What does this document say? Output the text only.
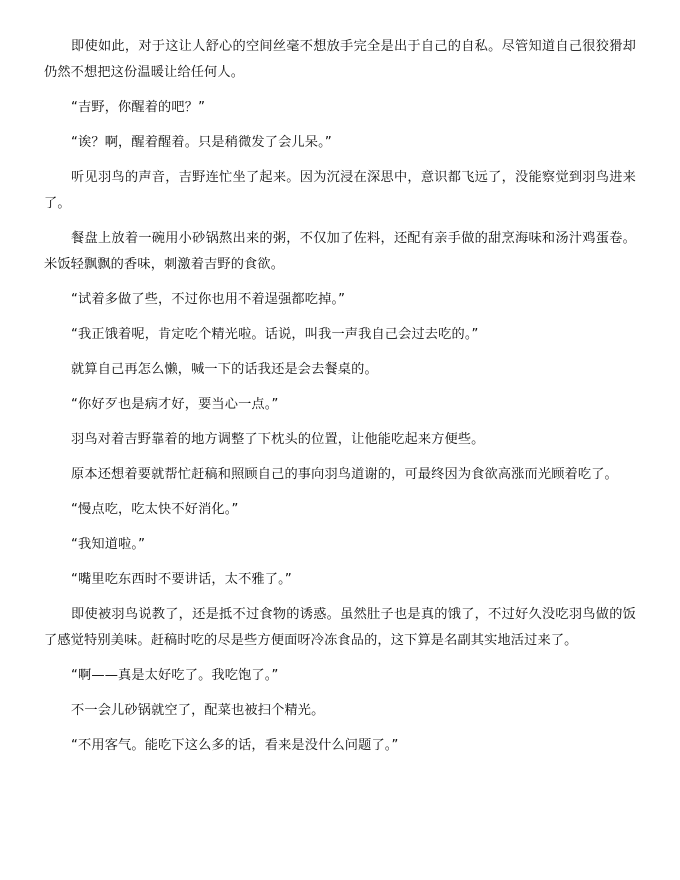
即使如此，对于这让人舒心的空间丝毫不想放手完全是出于自己的自私。尽管知道自己很狡猾却仍然不想把这份温暖让给任何人。

“吉野，你醒着的吧？”

“诶？啊，醒着醒着。只是稍微发了会儿呆。”

听见羽鸟的声音，吉野连忙坐了起来。因为沉浸在深思中，意识都飞远了，没能察觉到羽鸟进来了。

餐盘上放着一碗用小砂锅熬出来的粥，不仅加了佐料，还配有亲手做的甜烹海味和汤汁鸡蛋卷。米饭轻飘飘的香味，刺激着吉野的食欲。

“试着多做了些，不过你也用不着逞强都吃掉。”

“我正饿着呢，肯定吃个精光啦。话说，叫我一声我自己会过去吃的。”

就算自己再怎么懒，喊一下的话我还是会去餐桌的。

“你好歹也是病才好，要当心一点。”

羽鸟对着吉野靠着的地方调整了下枕头的位置，让他能吃起来方便些。

原本还想着要就帮忙赶稿和照顾自己的事向羽鸟道谢的，可最终因为食欲高涨而光顾着吃了。

“慢点吃，吃太快不好消化。”

“我知道啦。”

“嘴里吃东西时不要讲话，太不雅了。”

即使被羽鸟说教了，还是抵不过食物的诱惑。虽然肚子也是真的饿了，不过好久没吃羽鸟做的饭了感觉特别美味。赶稿时吃的尽是些方便面呀冷冻食品的，这下算是名副其实地活过来了。

“啊——真是太好吃了。我吃饱了。”

不一会儿砂锅就空了，配菜也被扫个精光。

“不用客气。能吃下这么多的话，看来是没什么问题了。”
